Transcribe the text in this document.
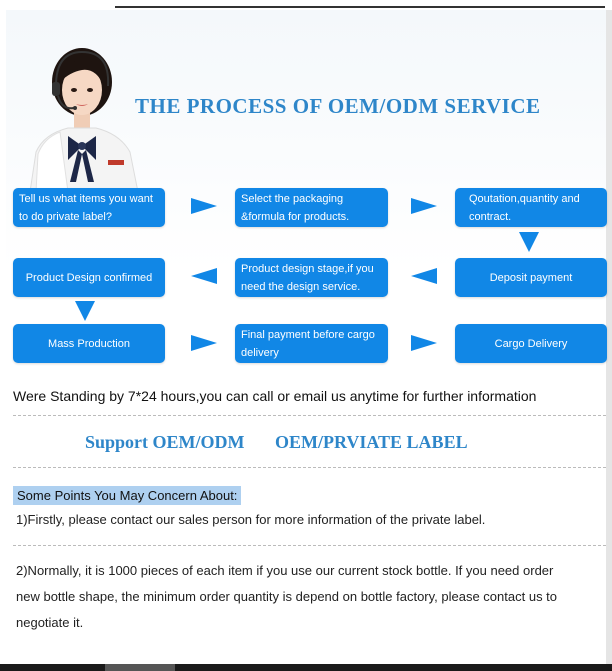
THE PROCESS OF OEM/ODM SERVICE
Tell us what items you want to do private label?
Select the packaging &formula for products.
Qoutation,quantity and contract.
Product Design confirmed
Product design stage,if you need the design service.
Deposit payment
Mass Production
Final payment before cargo delivery
Cargo Delivery
Were Standing by 7*24 hours,you can call or email us anytime for further information
Support OEM/ODM OEM/PRVIATE LABEL
Some Points You May Concern About:
1)Firstly, please contact our sales person for more information of the private label.
2)Normally, it is 1000 pieces of each item if you use our current stock bottle. If you need order new bottle shape, the minimum order quantity is depend on bottle factory, please contact us to negotiate it.
